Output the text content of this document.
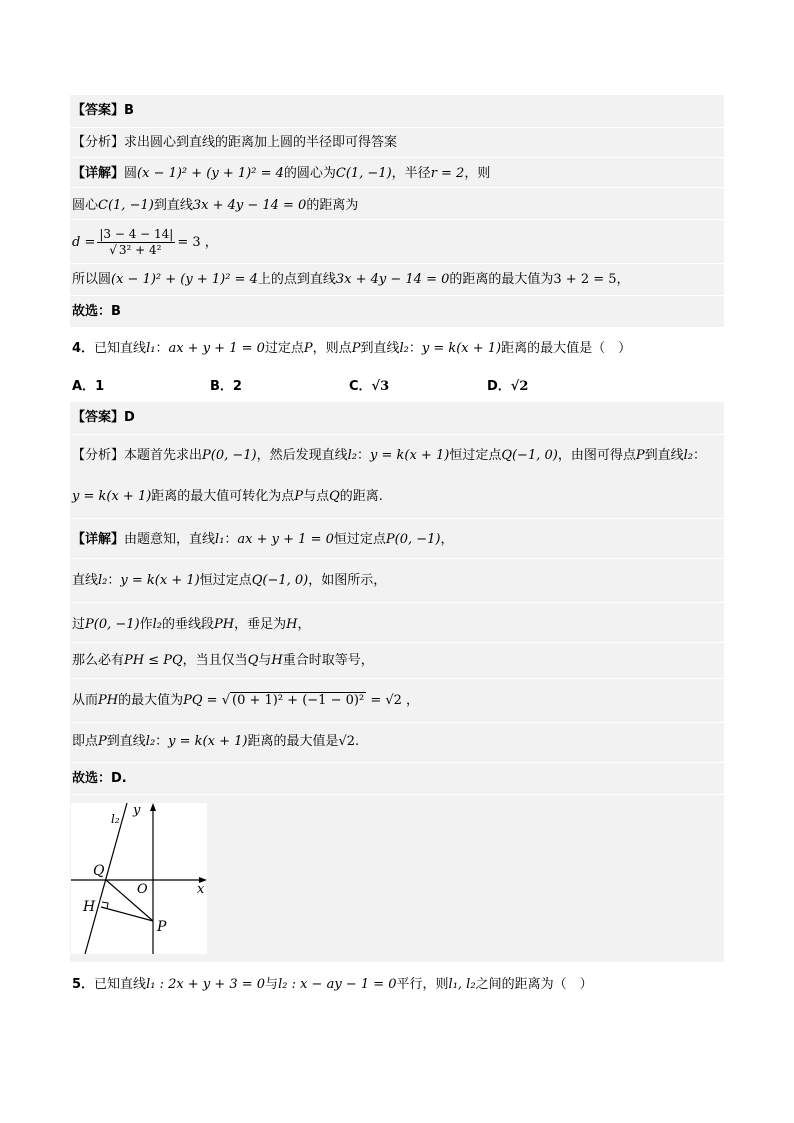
【答案】B
【分析】求出圆心到直线的距离加上圆的半径即可得答案
【详解】圆(x − 1)² + (y + 1)² = 4的圆心为C(1, −1)，半径r = 2，则
圆心C(1, −1)到直线3x + 4y − 14 = 0的距离为
$d = \frac{|3 - 4 - 14|}{\text{√ 3² + 4²}} = 3$ ，
所以圆(x − 1)² + (y + 1)² = 4上的点到直线3x + 4y − 14 = 0的距离的最大值为3 + 2 = 5，
故选：B
4．已知直线l₁：ax + y + 1 = 0过定点P，则点P到直线l₂：y = k(x + 1)距离的最大值是（　）
A．1	B．2	C．√3	D．√2
【答案】D
【分析】本题首先求出P(0, −1)，然后发现直线l₂：y = k(x + 1)恒过定点Q(−1, 0)，由图可得点P到直线l₂：
y = k(x + 1)距离的最大值可转化为点P与点Q的距离.
【详解】由题意知，直线l₁：ax + y + 1 = 0恒过定点P(0, −1)，
直线l₂：y = k(x + 1)恒过定点Q(−1, 0)，如图所示，
过P(0, −1)作l₂的垂线段PH，垂足为H，
那么必有PH ≤ PQ，当且仅当Q与H重合时取等号，
从而PH的最大值为PQ = √ (0 + 1)² + (−1 − 0)² = √2 ，
即点P到直线l₂：y = k(x + 1)距离的最大值是√2.
故选：D.
y
x
O
l₂
Q
H
P
5．已知直线l₁ : 2x + y + 3 = 0与l₂ : x − ay − 1 = 0平行，则l₁, l₂之间的距离为（　）
